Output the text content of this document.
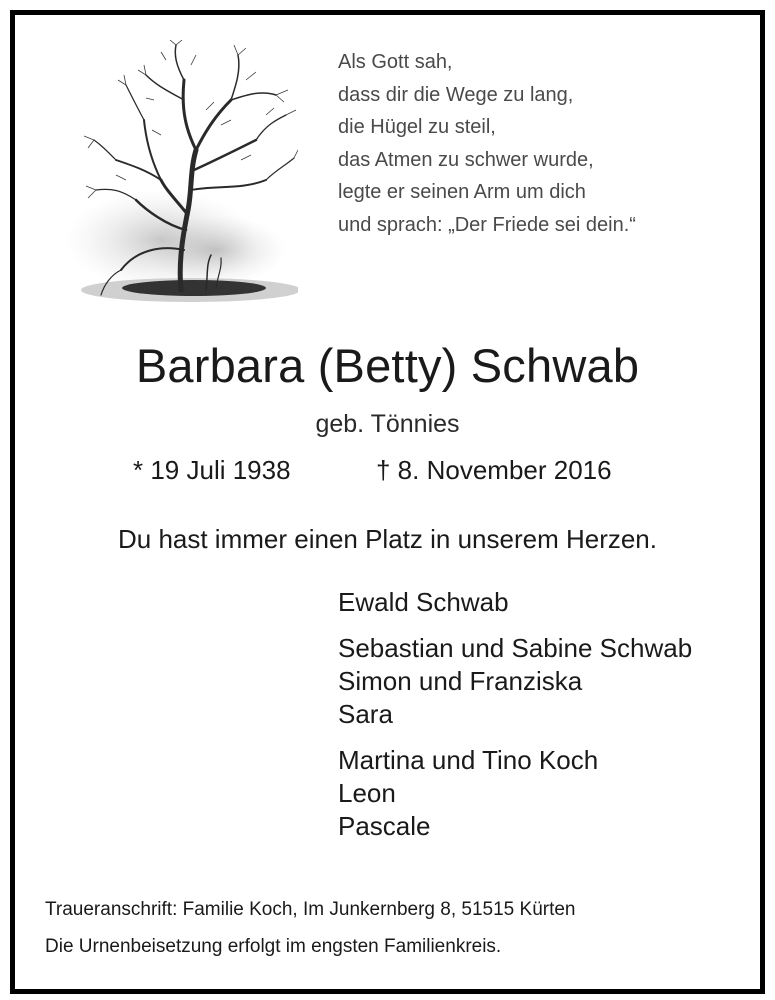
Als Gott sah,
dass dir die Wege zu lang,
die Hügel zu steil,
das Atmen zu schwer wurde,
legte er seinen Arm um dich
und sprach: „Der Friede sei dein.“
Barbara (Betty) Schwab
geb. Tönnies
* 19 Juli 1938	† 8. November 2016
Du hast immer einen Platz in unserem Herzen.
Ewald Schwab
Sebastian und Sabine Schwab
Simon und Franziska
Sara
Martina und Tino Koch
Leon
Pascale
Traueranschrift: Familie Koch, Im Junkernberg 8, 51515 Kürten
Die Urnenbeisetzung erfolgt im engsten Familienkreis.
